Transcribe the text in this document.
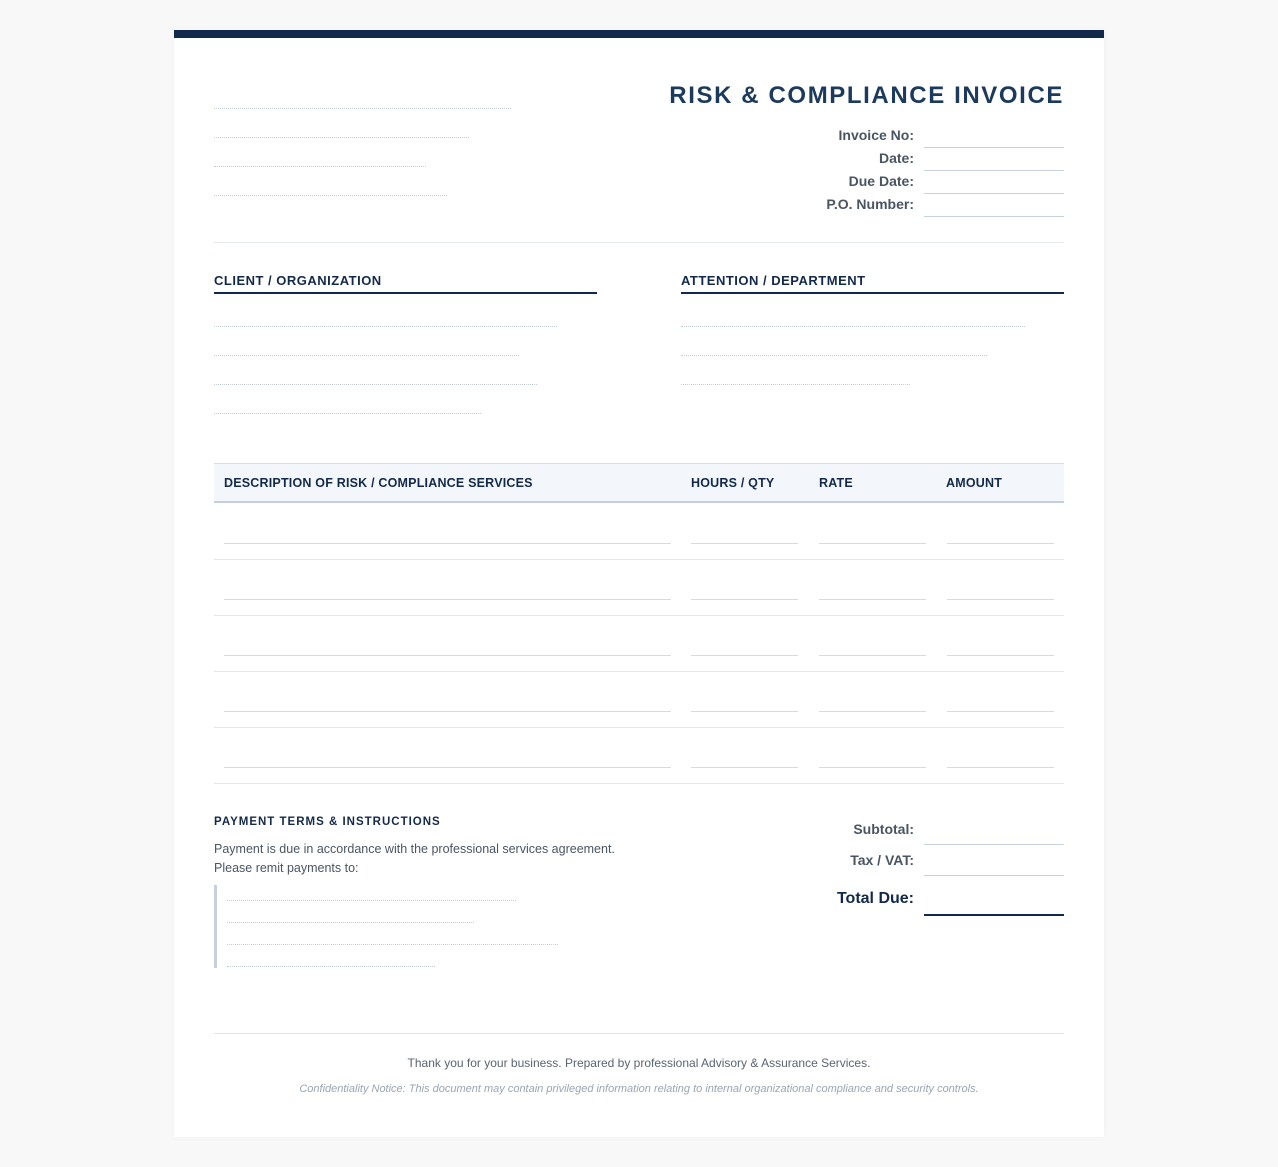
RISK & COMPLIANCE INVOICE
Invoice No:
Date:
Due Date:
P.O. Number:
CLIENT / ORGANIZATION	ATTENTION / DEPARTMENT
DESCRIPTION OF RISK / COMPLIANCE SERVICES	HOURS / QTY	RATE	AMOUNT
PAYMENT TERMS & INSTRUCTIONS
Payment is due in accordance with the professional services agreement. Please remit payments to:
Subtotal:
Tax / VAT:
Total Due:
Thank you for your business. Prepared by professional Advisory & Assurance Services.
Confidentiality Notice: This document may contain privileged information relating to internal organizational compliance and security controls.
